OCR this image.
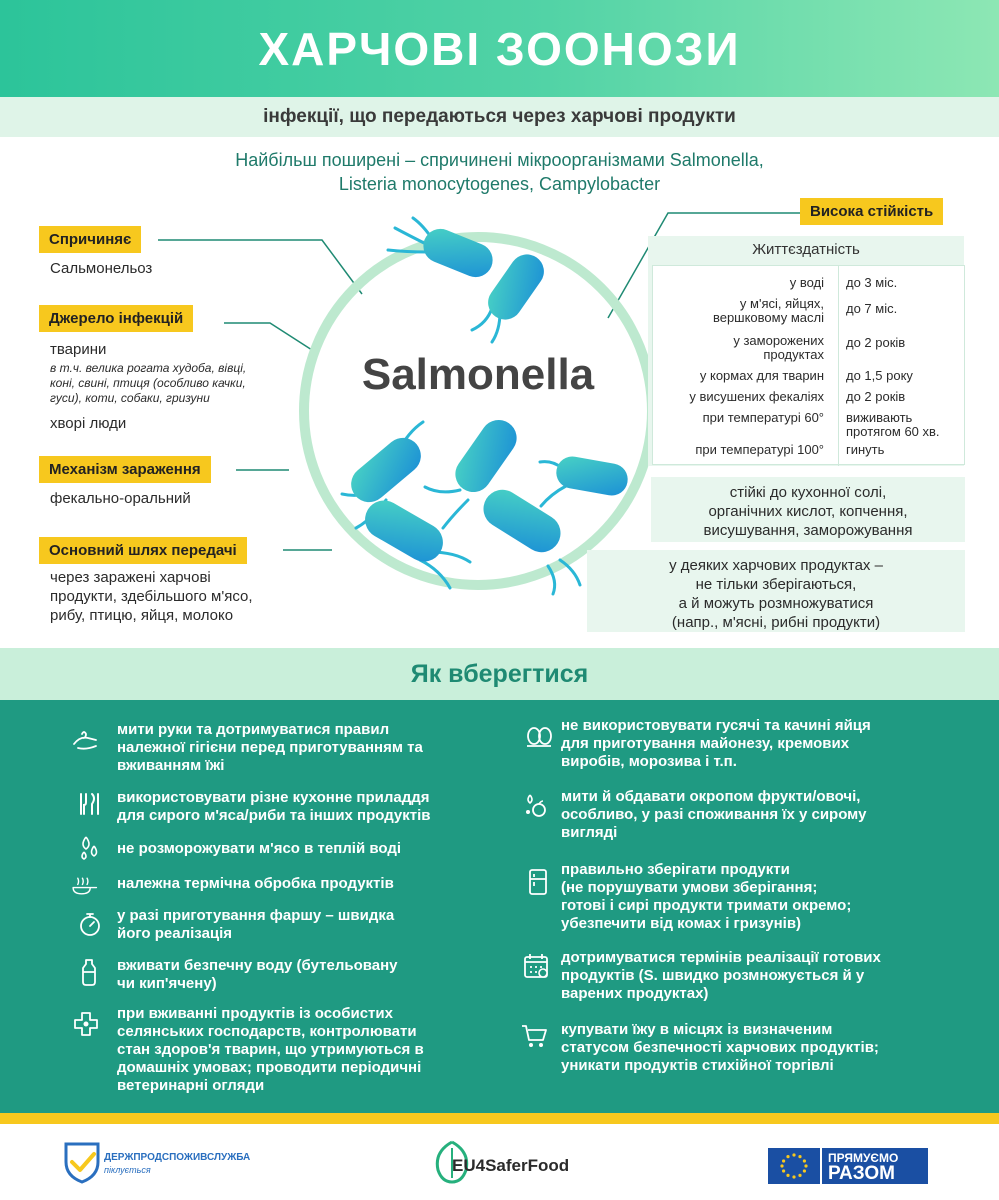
ХАРЧОВІ ЗООНОЗИ
інфекції, що передаються через харчові продукти
Найбільш поширені – спричинені мікроорганізмами Salmonella,
Listeria monocytogenes, Campylobacter
Спричиняє
Сальмонельоз
Джерело інфекцій
тварини
в т.ч. велика рогата худоба, вівці,
коні, свині, птиця (особливо качки,
гуси), коти, собаки, гризуни
хворі люди
Механізм зараження
фекально-оральний
Основний шлях передачі
через заражені харчові
продукти, здебільшого м'ясо,
рибу, птицю, яйця, молоко
Salmonella
Висока стійкість
Життєздатність
у воді до 3 міс.
у м'ясі, яйцях,
вершковому маслі
до 7 міс.
у заморожених
продуктах
до 2 років
у кормах для тварин до 1,5 року
у висушених фекаліях до 2 років
при температурі 60° виживають
протягом 60 хв.
при температурі 100° гинуть
стійкі до кухонної солі,
органічних кислот, копчення,
висушування, заморожування
у деяких харчових продуктах –
не тільки зберігаються,
а й можуть розмножуватися
(напр., м'ясні, рибні продукти)
Як вберегтися
мити руки та дотримуватися правил
належної гігієни перед приготуванням та
вживанням їжі
використовувати різне кухонне приладдя
для сирого м'яса/риби та інших продуктів
не розморожувати м'ясо в теплій воді
належна термічна обробка продуктів
у разі приготування фаршу – швидка
його реалізація
вживати безпечну воду (бутельовану
чи кип'ячену)
при вживанні продуктів із особистих
селянських господарств, контролювати
стан здоров'я тварин, що утримуються в
домашніх умовах; проводити періодичні
ветеринарні огляди
не використовувати гусячі та качині яйця
для приготування майонезу, кремових
виробів, морозива і т.п.
мити й обдавати окропом фрукти/овочі,
особливо, у разі споживання їх у сирому
вигляді
правильно зберігати продукти
(не порушувати умови зберігання;
готові і сирі продукти тримати окремо;
убезпечити від комах і гризунів)
дотримуватися термінів реалізації готових
продуктів (S. швидко розмножується й у
варених продуктах)
купувати їжу в місцях із визначеним
статусом безпечності харчових продуктів;
уникати продуктів стихійної торгівлі
ДЕРЖПРОДСПОЖИВСЛУЖБА
піклується	EU4SaferFood	ПРЯМУЄМО
РАЗОМ
